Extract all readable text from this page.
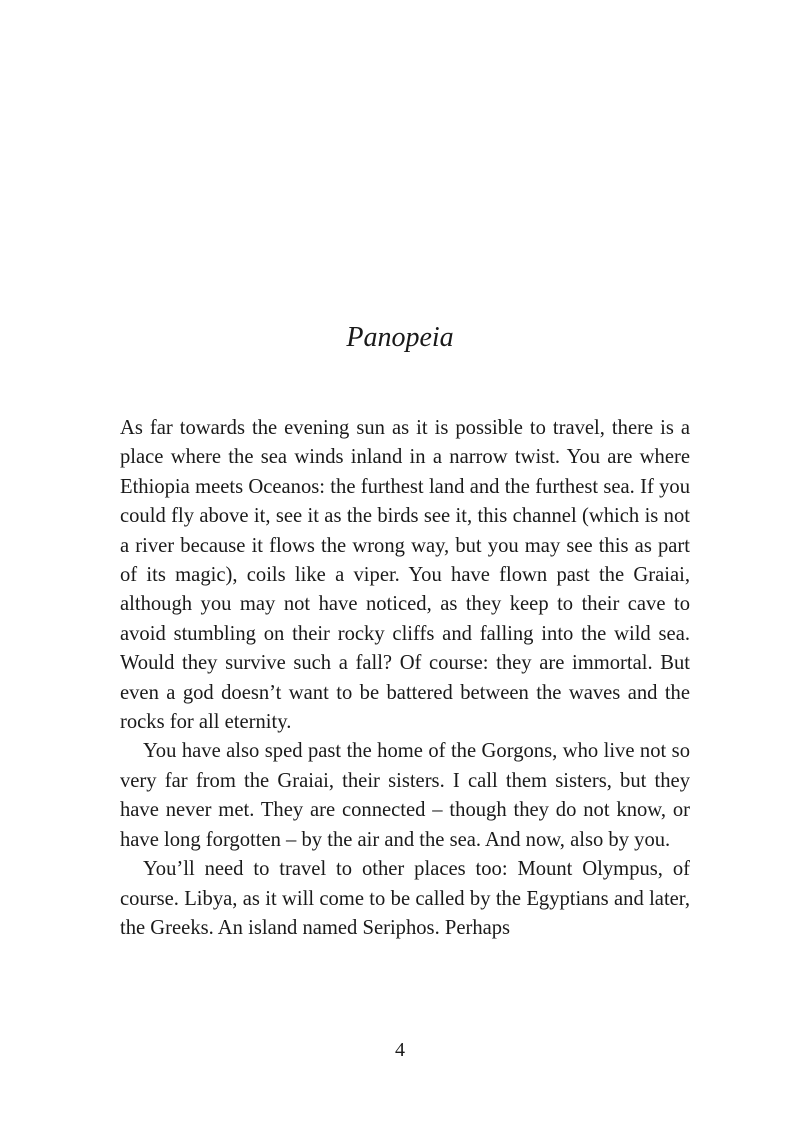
Panopeia

As far towards the evening sun as it is possible to travel, there is a place where the sea winds inland in a narrow twist. You are where Ethiopia meets Oceanos: the furthest land and the furthest sea. If you could fly above it, see it as the birds see it, this channel (which is not a river because it flows the wrong way, but you may see this as part of its magic), coils like a viper. You have flown past the Graiai, although you may not have noticed, as they keep to their cave to avoid stumbling on their rocky cliffs and falling into the wild sea. Would they survive such a fall? Of course: they are immortal. But even a god doesn’t want to be battered between the waves and the rocks for all eternity.

You have also sped past the home of the Gorgons, who live not so very far from the Graiai, their sisters. I call them sisters, but they have never met. They are connected – though they do not know, or have long forgotten – by the air and the sea. And now, also by you.

You’ll need to travel to other places too: Mount Olympus, of course. Libya, as it will come to be called by the Egyptians and later, the Greeks. An island named Seriphos. Perhaps

4
